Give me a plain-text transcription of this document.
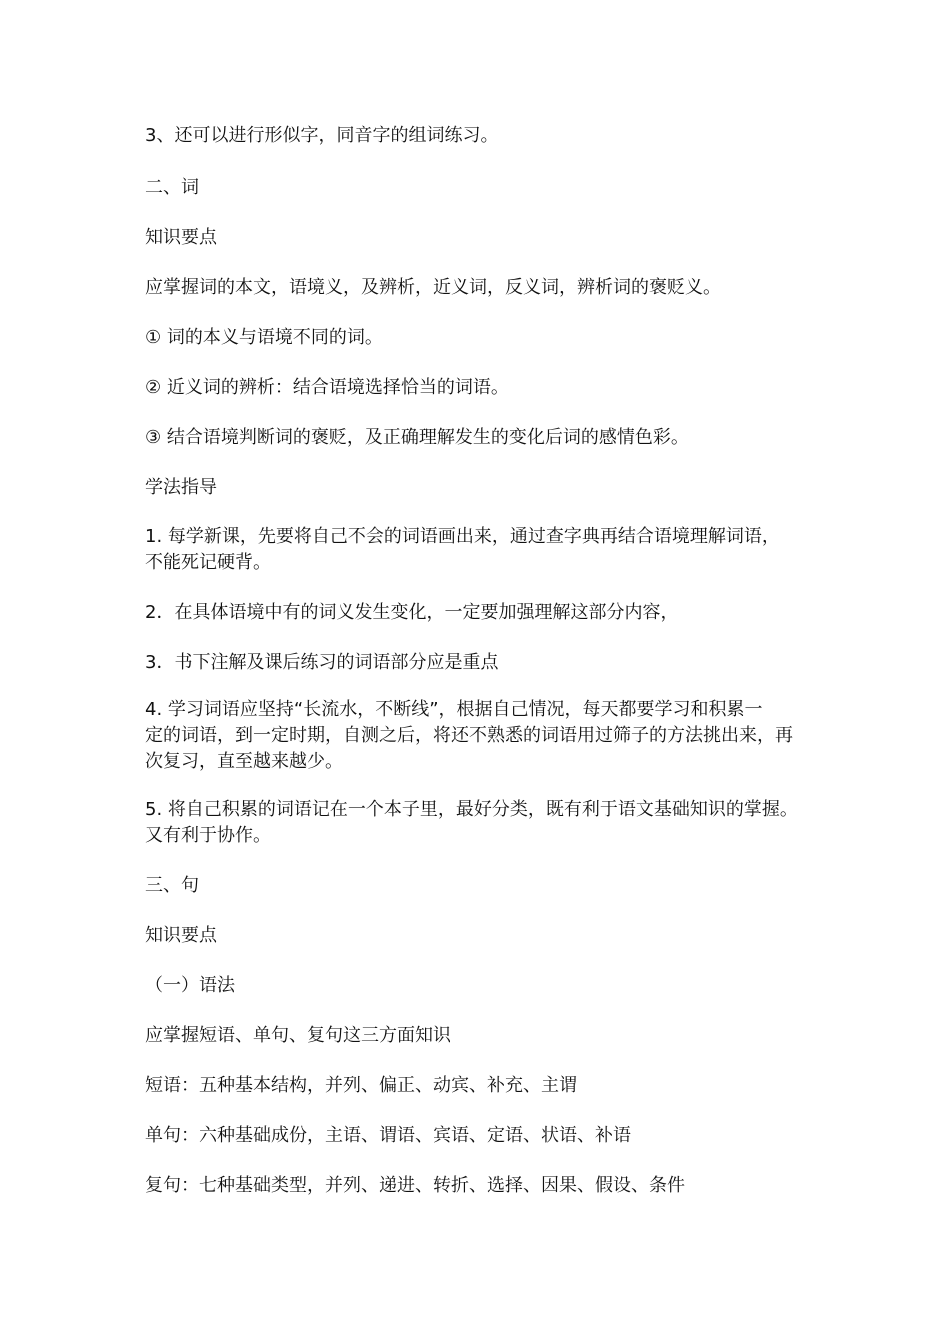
3、还可以进行形似字，同音字的组词练习。

二、词

知识要点

应掌握词的本文，语境义，及辨析，近义词，反义词，辨析词的褒贬义。

① 词的本义与语境不同的词。

② 近义词的辨析：结合语境选择恰当的词语。

③ 结合语境判断词的褒贬，及正确理解发生的变化后词的感情色彩。

学法指导

1. 每学新课，先要将自己不会的词语画出来，通过查字典再结合语境理解词语，
不能死记硬背。

2．在具体语境中有的词义发生变化，一定要加强理解这部分内容，

3．书下注解及课后练习的词语部分应是重点

4. 学习词语应坚持“长流水，不断线”，根据自己情况，每天都要学习和积累一
定的词语，到一定时期，自测之后，将还不熟悉的词语用过筛子的方法挑出来，再
次复习，直至越来越少。
5. 将自己积累的词语记在一个本子里，最好分类，既有利于语文基础知识的掌握。
又有利于协作。

三、句

知识要点

（一）语法

应掌握短语、单句、复句这三方面知识

短语：五种基本结构，并列、偏正、动宾、补充、主谓

单句：六种基础成份，主语、谓语、宾语、定语、状语、补语

复句：七种基础类型，并列、递进、转折、选择、因果、假设、条件
